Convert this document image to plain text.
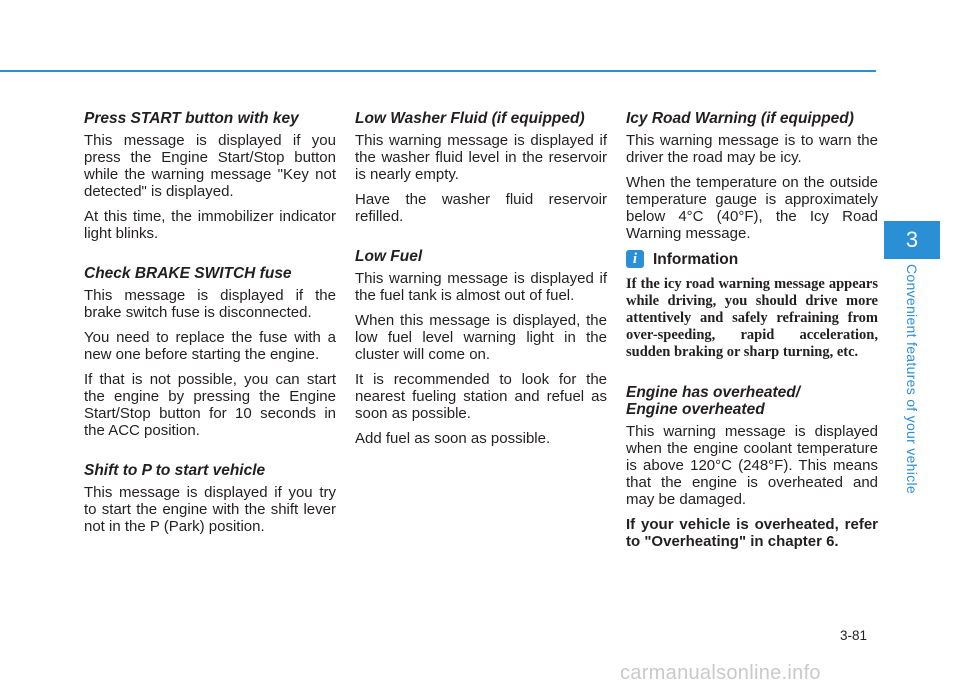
Press START button with key

This message is displayed if you press the Engine Start/Stop button while the warning message "Key not detected" is displayed.

At this time, the immobilizer indicator light blinks.

Check BRAKE SWITCH fuse

This message is displayed if the brake switch fuse is disconnected.

You need to replace the fuse with a new one before starting the engine.

If that is not possible, you can start the engine by pressing the Engine Start/Stop button for 10 seconds in the ACC position.

Shift to P to start vehicle

This message is displayed if you try to start the engine with the shift lever not in the P (Park) position.

Low Washer Fluid (if equipped)

This warning message is displayed if the washer fluid level in the reservoir is nearly empty.

Have the washer fluid reservoir refilled.

Low Fuel

This warning message is displayed if the fuel tank is almost out of fuel.

When this message is displayed, the low fuel level warning light in the cluster will come on.

It is recommended to look for the nearest fueling station and refuel as soon as possible.

Add fuel as soon as possible.

Icy Road Warning (if equipped)

This warning message is to warn the driver the road may be icy.

When the temperature on the outside temperature gauge is approximately below 4°C (40°F), the Icy Road Warning message.

i	Information

If the icy road warning message appears while driving, you should drive more attentively and safely refraining from over-speeding, rapid acceleration, sudden braking or sharp turning, etc.

Engine has overheated/
Engine overheated

This warning message is displayed when the engine coolant temperature is above 120°C (248°F). This means that the engine is overheated and may be damaged.

If your vehicle is overheated, refer to "Overheating" in chapter 6.

3
Convenient features of your vehicle
3-81
carmanualsonline.info
